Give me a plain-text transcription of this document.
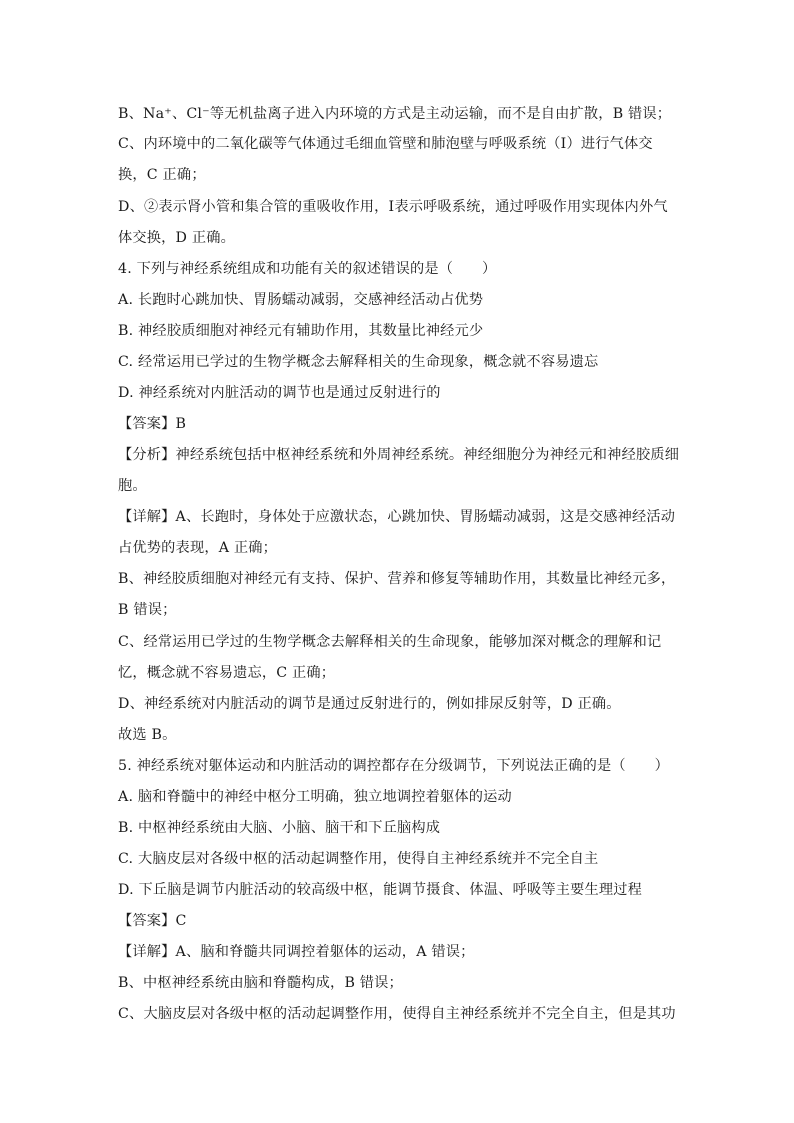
B、Na⁺、Cl⁻等无机盐离子进入内环境的方式是主动运输，而不是自由扩散，B 错误；
C、内环境中的二氧化碳等气体通过毛细血管壁和肺泡壁与呼吸系统（Ⅰ）进行气体交
换，C 正确；
D、②表示肾小管和集合管的重吸收作用，Ⅰ表示呼吸系统，通过呼吸作用实现体内外气
体交换，D 正确。
4. 下列与神经系统组成和功能有关的叙述错误的是（　　）
A. 长跑时心跳加快、胃肠蠕动减弱，交感神经活动占优势
B. 神经胶质细胞对神经元有辅助作用，其数量比神经元少
C. 经常运用已学过的生物学概念去解释相关的生命现象，概念就不容易遗忘
D. 神经系统对内脏活动的调节也是通过反射进行的
【答案】B
【分析】神经系统包括中枢神经系统和外周神经系统。神经细胞分为神经元和神经胶质细
胞。
【详解】A、长跑时，身体处于应激状态，心跳加快、胃肠蠕动减弱，这是交感神经活动
占优势的表现，A 正确；
B、神经胶质细胞对神经元有支持、保护、营养和修复等辅助作用，其数量比神经元多，
B 错误；
C、经常运用已学过的生物学概念去解释相关的生命现象，能够加深对概念的理解和记
忆，概念就不容易遗忘，C 正确；
D、神经系统对内脏活动的调节是通过反射进行的，例如排尿反射等，D 正确。
故选 B。
5. 神经系统对躯体运动和内脏活动的调控都存在分级调节，下列说法正确的是（　　）
A. 脑和脊髓中的神经中枢分工明确，独立地调控着躯体的运动
B. 中枢神经系统由大脑、小脑、脑干和下丘脑构成
C. 大脑皮层对各级中枢的活动起调整作用，使得自主神经系统并不完全自主
D. 下丘脑是调节内脏活动的较高级中枢，能调节摄食、体温、呼吸等主要生理过程
【答案】C
【详解】A、脑和脊髓共同调控着躯体的运动，A 错误；
B、中枢神经系统由脑和脊髓构成，B 错误；
C、大脑皮层对各级中枢的活动起调整作用，使得自主神经系统并不完全自主，但是其功
